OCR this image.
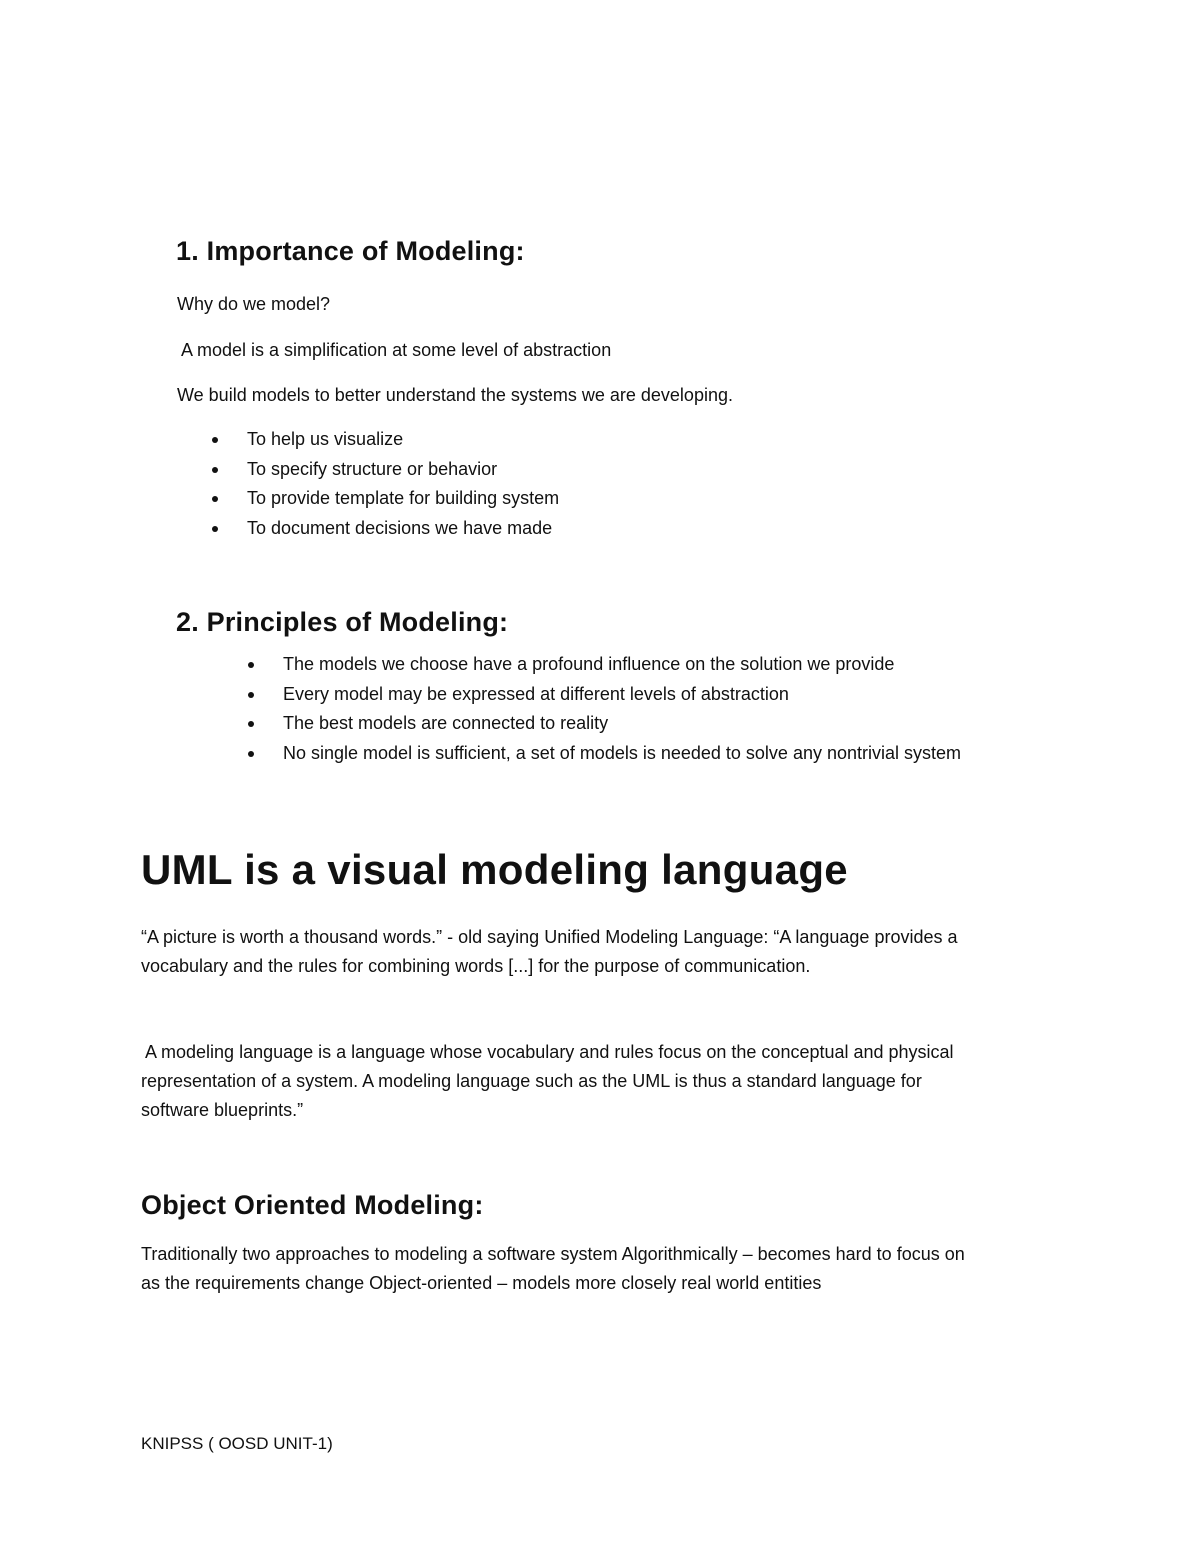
1. Importance of Modeling:
Why do we model?
A model is a simplification at some level of abstraction
We build models to better understand the systems we are developing.
To help us visualize
To specify structure or behavior
To provide template for building system
To document decisions we have made
2. Principles of Modeling:
The models we choose have a profound influence on the solution we provide
Every model may be expressed at different levels of abstraction
The best models are connected to reality
No single model is sufficient, a set of models is needed to solve any nontrivial system
UML is a visual modeling language
“A picture is worth a thousand words.” - old saying Unified Modeling Language: “A language provides a
vocabulary and the rules for combining words [...] for the purpose of communication.
A modeling language is a language whose vocabulary and rules focus on the conceptual and physical
representation of a system. A modeling language such as the UML is thus a standard language for
software blueprints.”
Object Oriented Modeling:
Traditionally two approaches to modeling a software system Algorithmically – becomes hard to focus on
as the requirements change Object-oriented – models more closely real world entities
KNIPSS ( OOSD UNIT-1)
